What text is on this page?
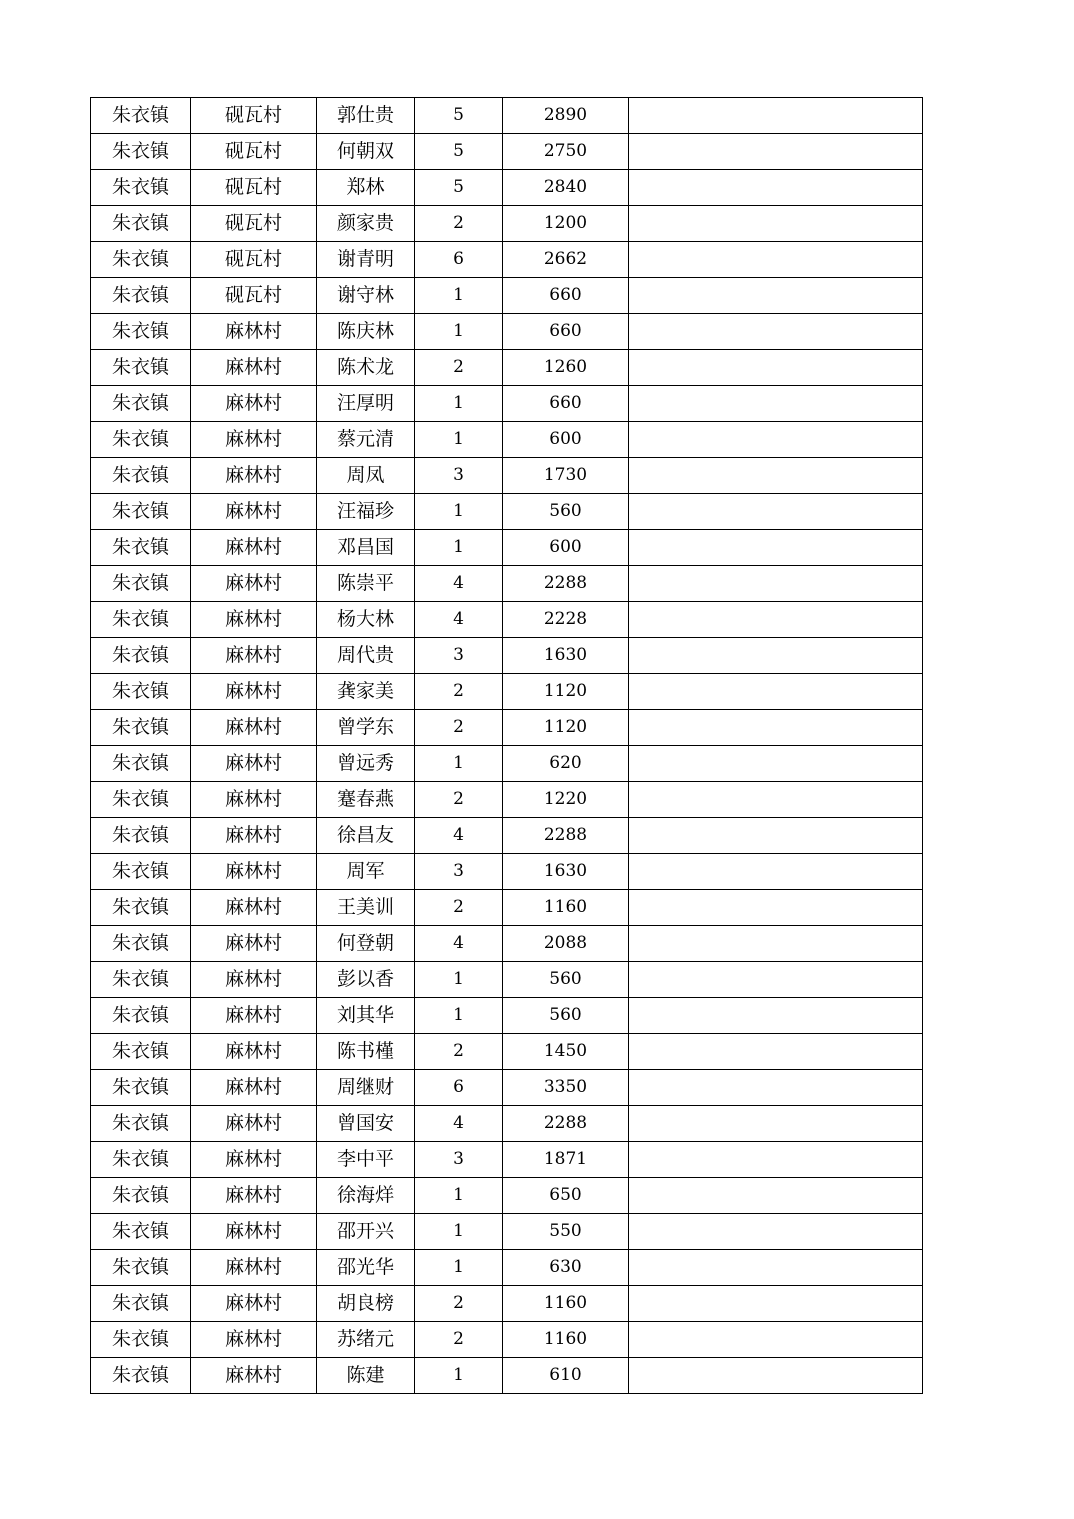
朱衣镇	砚瓦村	郭仕贵	5	2890	
朱衣镇	砚瓦村	何朝双	5	2750	
朱衣镇	砚瓦村	郑林	5	2840	
朱衣镇	砚瓦村	颜家贵	2	1200	
朱衣镇	砚瓦村	谢青明	6	2662	
朱衣镇	砚瓦村	谢守林	1	660	
朱衣镇	麻林村	陈庆林	1	660	
朱衣镇	麻林村	陈术龙	2	1260	
朱衣镇	麻林村	汪厚明	1	660	
朱衣镇	麻林村	蔡元清	1	600	
朱衣镇	麻林村	周凤	3	1730	
朱衣镇	麻林村	汪福珍	1	560	
朱衣镇	麻林村	邓昌国	1	600	
朱衣镇	麻林村	陈崇平	4	2288	
朱衣镇	麻林村	杨大林	4	2228	
朱衣镇	麻林村	周代贵	3	1630	
朱衣镇	麻林村	龚家美	2	1120	
朱衣镇	麻林村	曾学东	2	1120	
朱衣镇	麻林村	曾远秀	1	620	
朱衣镇	麻林村	蹇春燕	2	1220	
朱衣镇	麻林村	徐昌友	4	2288	
朱衣镇	麻林村	周军	3	1630	
朱衣镇	麻林村	王美训	2	1160	
朱衣镇	麻林村	何登朝	4	2088	
朱衣镇	麻林村	彭以香	1	560	
朱衣镇	麻林村	刘其华	1	560	
朱衣镇	麻林村	陈书槿	2	1450	
朱衣镇	麻林村	周继财	6	3350	
朱衣镇	麻林村	曾国安	4	2288	
朱衣镇	麻林村	李中平	3	1871	
朱衣镇	麻林村	徐海烊	1	650	
朱衣镇	麻林村	邵开兴	1	550	
朱衣镇	麻林村	邵光华	1	630	
朱衣镇	麻林村	胡良榜	2	1160	
朱衣镇	麻林村	苏绪元	2	1160	
朱衣镇	麻林村	陈建	1	610	
